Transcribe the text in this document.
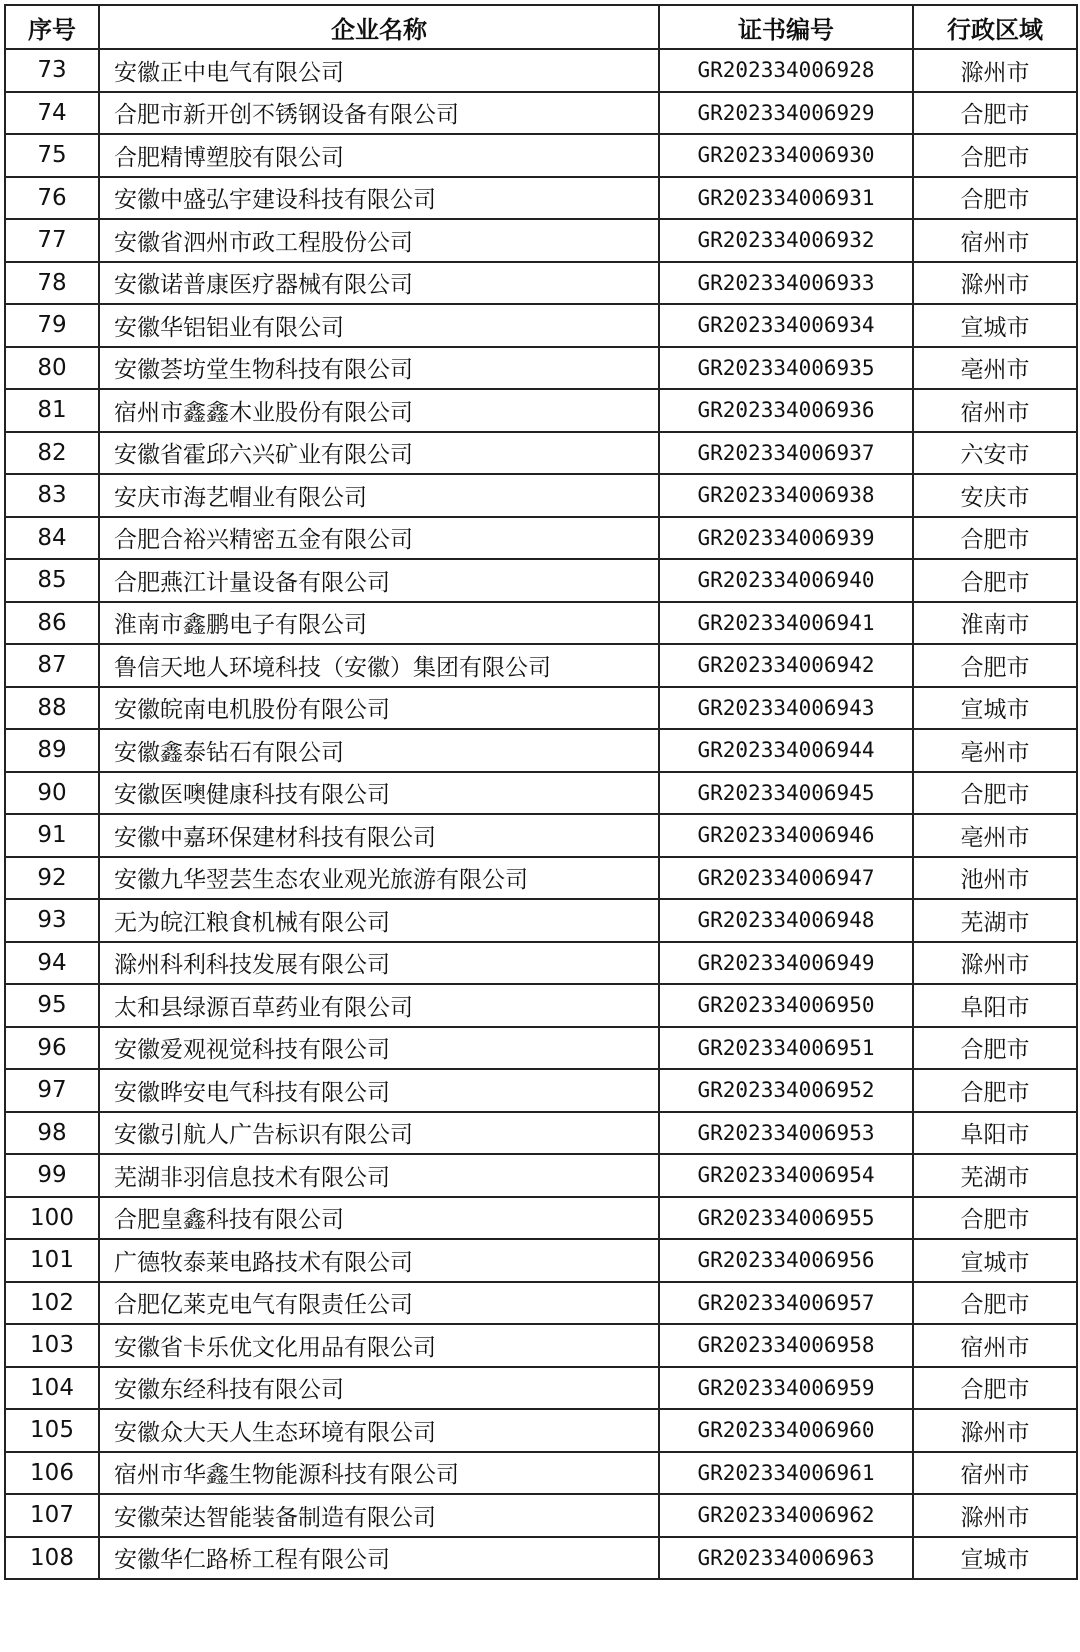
序号	企业名称	证书编号	行政区域
73	安徽正中电气有限公司	GR202334006928	滁州市
74	合肥市新开创不锈钢设备有限公司	GR202334006929	合肥市
75	合肥精博塑胶有限公司	GR202334006930	合肥市
76	安徽中盛弘宇建设科技有限公司	GR202334006931	合肥市
77	安徽省泗州市政工程股份公司	GR202334006932	宿州市
78	安徽诺普康医疗器械有限公司	GR202334006933	滁州市
79	安徽华铝铝业有限公司	GR202334006934	宣城市
80	安徽荟坊堂生物科技有限公司	GR202334006935	亳州市
81	宿州市鑫鑫木业股份有限公司	GR202334006936	宿州市
82	安徽省霍邱六兴矿业有限公司	GR202334006937	六安市
83	安庆市海艺帽业有限公司	GR202334006938	安庆市
84	合肥合裕兴精密五金有限公司	GR202334006939	合肥市
85	合肥燕江计量设备有限公司	GR202334006940	合肥市
86	淮南市鑫鹏电子有限公司	GR202334006941	淮南市
87	鲁信天地人环境科技（安徽）集团有限公司	GR202334006942	合肥市
88	安徽皖南电机股份有限公司	GR202334006943	宣城市
89	安徽鑫泰钻石有限公司	GR202334006944	亳州市
90	安徽医噢健康科技有限公司	GR202334006945	合肥市
91	安徽中嘉环保建材科技有限公司	GR202334006946	亳州市
92	安徽九华翌芸生态农业观光旅游有限公司	GR202334006947	池州市
93	无为皖江粮食机械有限公司	GR202334006948	芜湖市
94	滁州科利科技发展有限公司	GR202334006949	滁州市
95	太和县绿源百草药业有限公司	GR202334006950	阜阳市
96	安徽爱观视觉科技有限公司	GR202334006951	合肥市
97	安徽晔安电气科技有限公司	GR202334006952	合肥市
98	安徽引航人广告标识有限公司	GR202334006953	阜阳市
99	芜湖非羽信息技术有限公司	GR202334006954	芜湖市
100	合肥皇鑫科技有限公司	GR202334006955	合肥市
101	广德牧泰莱电路技术有限公司	GR202334006956	宣城市
102	合肥亿莱克电气有限责任公司	GR202334006957	合肥市
103	安徽省卡乐优文化用品有限公司	GR202334006958	宿州市
104	安徽东经科技有限公司	GR202334006959	合肥市
105	安徽众大天人生态环境有限公司	GR202334006960	滁州市
106	宿州市华鑫生物能源科技有限公司	GR202334006961	宿州市
107	安徽荣达智能装备制造有限公司	GR202334006962	滁州市
108	安徽华仁路桥工程有限公司	GR202334006963	宣城市
